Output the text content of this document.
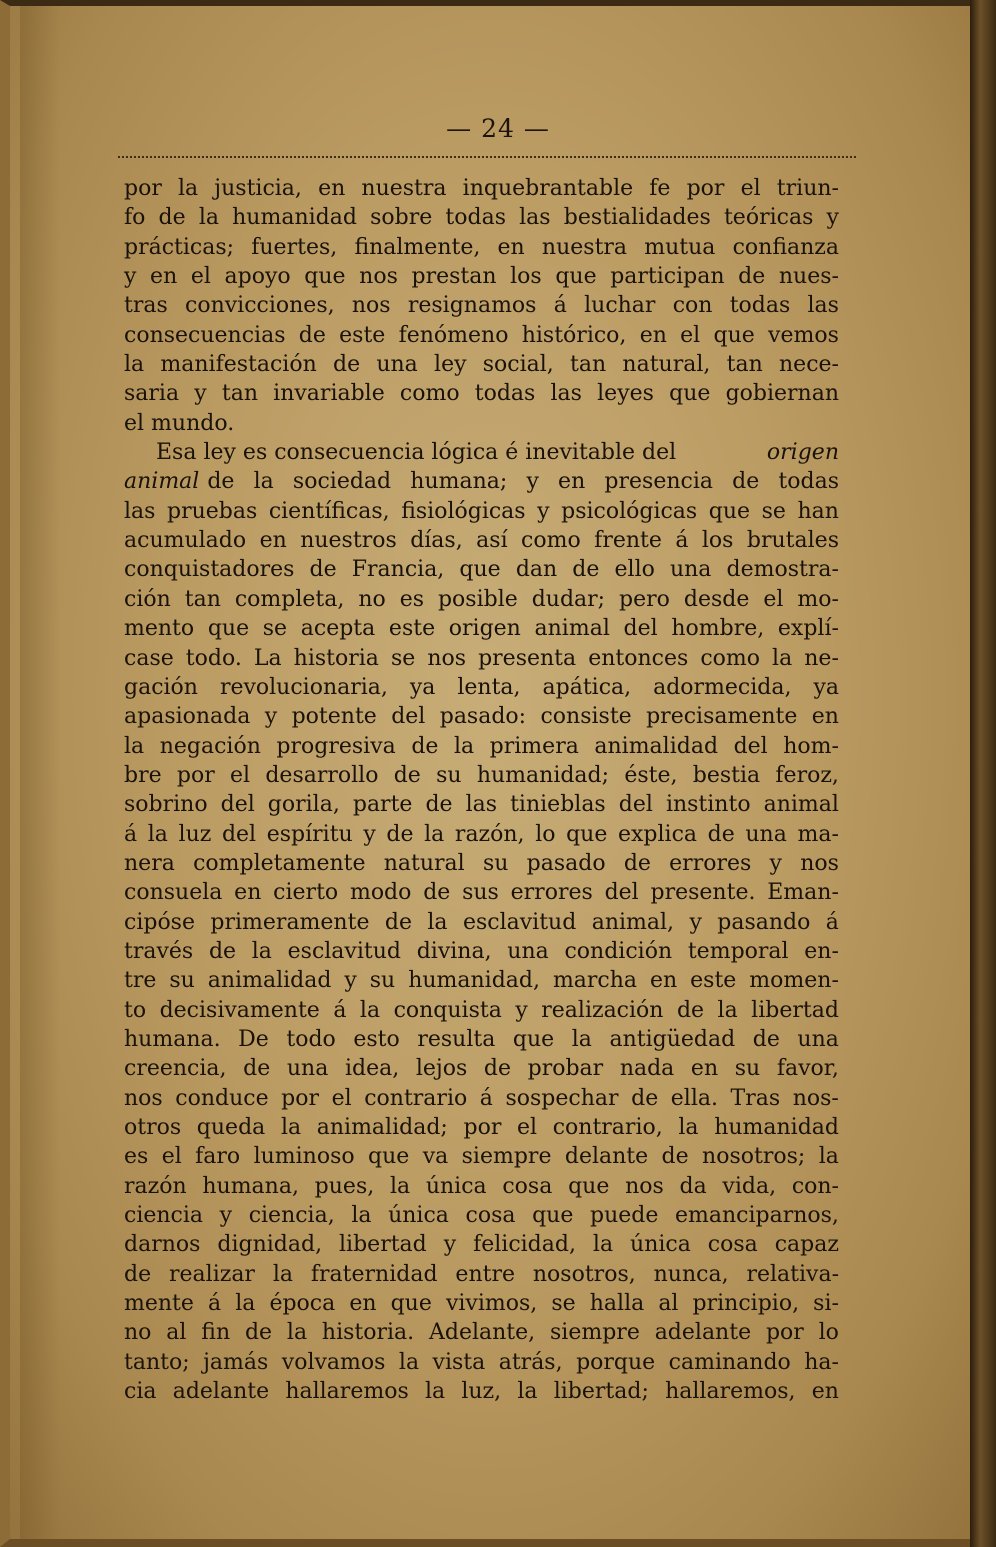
— 24 —
por la justicia, en nuestra inquebrantable fe por el triun-
fo de la humanidad sobre todas las bestialidades teóricas y
prácticas; fuertes, finalmente, en nuestra mutua confianza
y en el apoyo que nos prestan los que participan de nues-
tras convicciones, nos resignamos á luchar con todas las
consecuencias de este fenómeno histórico, en el que vemos
la manifestación de una ley social, tan natural, tan nece-
saria y tan invariable como todas las leyes que gobiernan
el mundo.
Esa ley es consecuencia lógica é inevitable del	origen
animal de la sociedad humana; y en presencia de todas
las pruebas científicas, fisiológicas y psicológicas que se han
acumulado en nuestros días, así como frente á los brutales
conquistadores de Francia, que dan de ello una demostra-
ción tan completa, no es posible dudar; pero desde el mo-
mento que se acepta este origen animal del hombre, explí-
case todo. La historia se nos presenta entonces como la ne-
gación revolucionaria, ya lenta, apática, adormecida, ya
apasionada y potente del pasado: consiste precisamente en
la negación progresiva de la primera animalidad del hom-
bre por el desarrollo de su humanidad; éste, bestia feroz,
sobrino del gorila, parte de las tinieblas del instinto animal
á la luz del espíritu y de la razón, lo que explica de una ma-
nera completamente natural su pasado de errores y nos
consuela en cierto modo de sus errores del presente. Eman-
cipóse primeramente de la esclavitud animal, y pasando á
través de la esclavitud divina, una condición temporal en-
tre su animalidad y su humanidad, marcha en este momen-
to decisivamente á la conquista y realización de la libertad
humana. De todo esto resulta que la antigüedad de una
creencia, de una idea, lejos de probar nada en su favor,
nos conduce por el contrario á sospechar de ella. Tras nos-
otros queda la animalidad; por el contrario, la humanidad
es el faro luminoso que va siempre delante de nosotros; la
razón humana, pues, la única cosa que nos da vida, con-
ciencia y ciencia, la única cosa que puede emanciparnos,
darnos dignidad, libertad y felicidad, la única cosa capaz
de realizar la fraternidad entre nosotros, nunca, relativa-
mente á la época en que vivimos, se halla al principio, si-
no al fin de la historia. Adelante, siempre adelante por lo
tanto; jamás volvamos la vista atrás, porque caminando ha-
cia adelante hallaremos la luz, la libertad; hallaremos, en
